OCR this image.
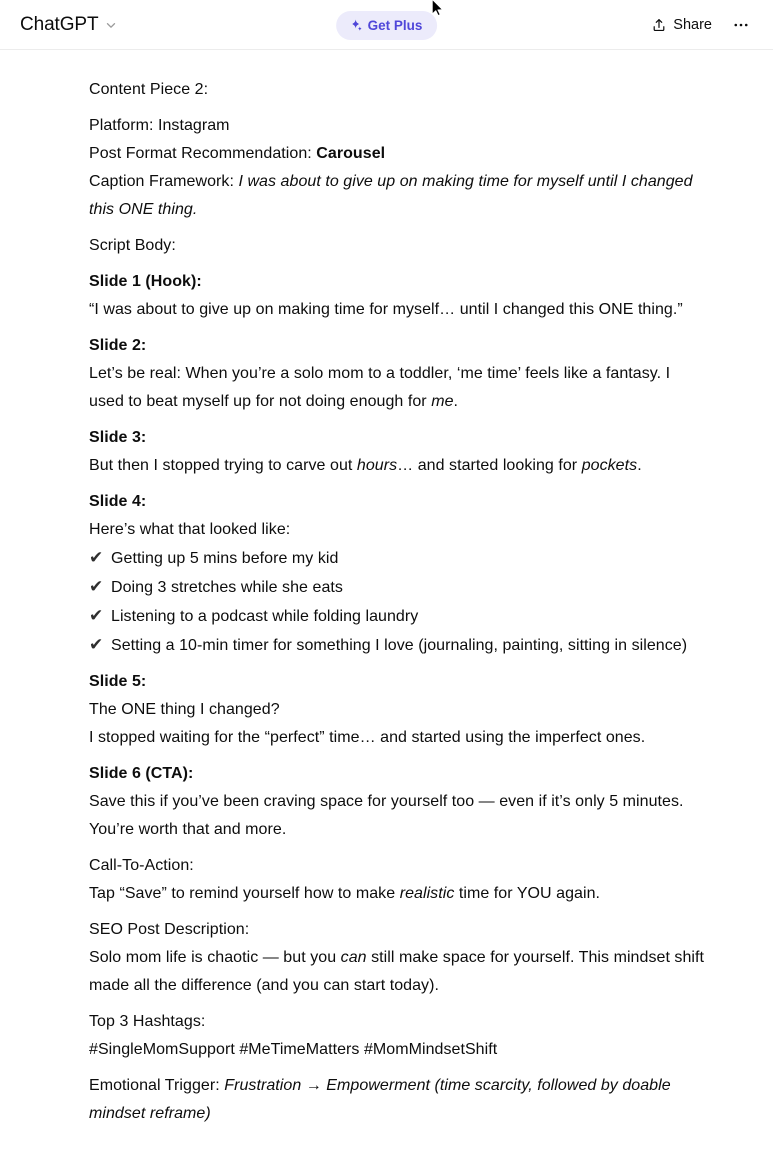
ChatGPT	Get Plus	Share

Content Piece 2:

Platform: Instagram

Post Format Recommendation: Carousel

Caption Framework: I was about to give up on making time for myself until I changed this ONE thing.

Script Body:

Slide 1 (Hook):

“I was about to give up on making time for myself… until I changed this ONE thing.”

Slide 2:

Let’s be real: When you’re a solo mom to a toddler, ‘me time’ feels like a fantasy. I used to beat myself up for not doing enough for me.

Slide 3:

But then I stopped trying to carve out hours… and started looking for pockets.

Slide 4:

Here’s what that looked like:

✔ Getting up 5 mins before my kid

✔ Doing 3 stretches while she eats

✔ Listening to a podcast while folding laundry

✔ Setting a 10-min timer for something I love (journaling, painting, sitting in silence)

Slide 5:

The ONE thing I changed?

I stopped waiting for the “perfect” time… and started using the imperfect ones.

Slide 6 (CTA):

Save this if you’ve been craving space for yourself too — even if it’s only 5 minutes. You’re worth that and more.

Call-To-Action:

Tap “Save” to remind yourself how to make realistic time for YOU again.

SEO Post Description:

Solo mom life is chaotic — but you can still make space for yourself. This mindset shift made all the difference (and you can start today).

Top 3 Hashtags:

#SingleMomSupport #MeTimeMatters #MomMindsetShift

Emotional Trigger: Frustration → Empowerment (time scarcity, followed by doable mindset reframe)
